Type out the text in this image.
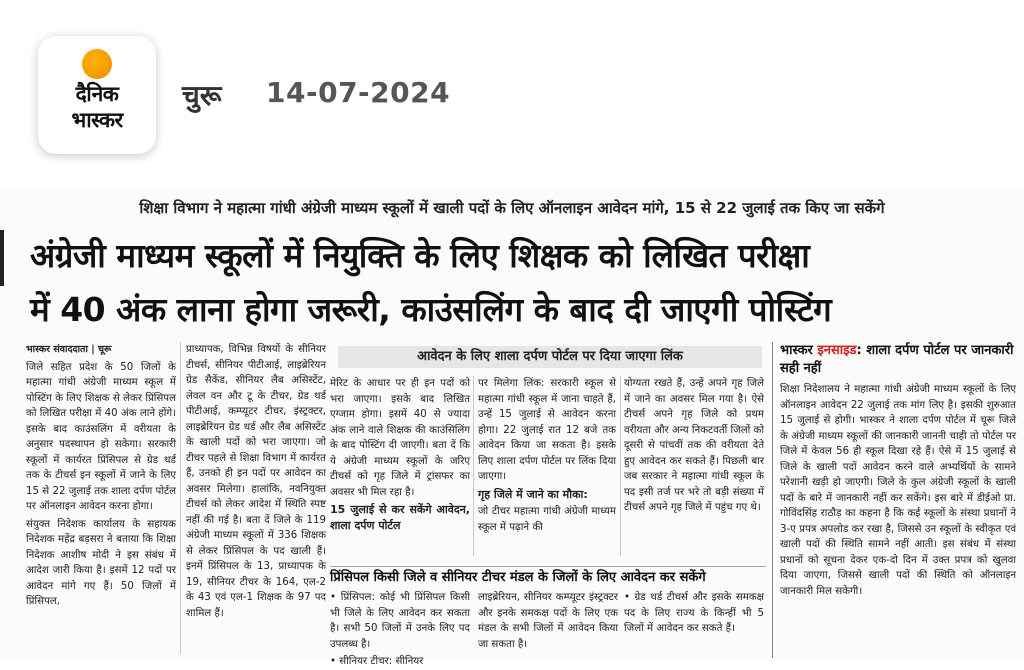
दैनिक
भास्कर
चुरू 14-07-2024
शिक्षा विभाग ने महात्मा गांधी अंग्रेजी माध्यम स्कूलों में खाली पदों के लिए ऑनलाइन आवेदन मांगे, 15 से 22 जुलाई तक किए जा सकेंगे
अंग्रेजी माध्यम स्कूलों में नियुक्ति के लिए शिक्षक को लिखित परीक्षा
में 40 अंक लाना होगा जरूरी, काउंसलिंग के बाद दी जाएगी पोस्टिंग

भास्कर संवाददाता | चूरू

जिले सहित प्रदेश के 50 जिलों के महात्मा गांधी अंग्रेजी माध्यम स्कूल में पोस्टिंग के लिए शिक्षक से लेकर प्रिंसिपल को लिखित परीक्षा में 40 अंक लाने होंगे। इसके बाद काउंसलिंग में वरीयता के अनुसार पदस्थापन हो सकेगा। सरकारी स्कूलों में कार्यरत प्रिंसिपल से ग्रेड थर्ड तक के टीचर्स इन स्कूलों में जाने के लिए 15 से 22 जुलाई तक शाला दर्पण पोर्टल पर ऑनलाइन आवेदन करना होगा।

संयुक्त निदेशक कार्यालय के सहायक निदेशक महेंद्र बड़सरा ने बताया कि शिक्षा निदेशक आशीष मोदी ने इस संबंध में आदेश जारी किया है। इसमें 12 पदों पर आवेदन मांगे गए हैं। 50 जिलों में प्रिंसिपल,

प्राध्यापक, विभिन्न विषयों के सीनियर टीचर्स, सीनियर पीटीआई, लाइब्रेरियन ग्रेड सैकेंड, सीनियर लैब असिस्टेंट, लेवल वन और टू के टीचर, ग्रेड थर्ड पीटीआई, कम्प्यूटर टीचर, इंस्ट्रक्टर, लाइब्रेरियन ग्रेड थर्ड और लैब असिस्टेंट के खाली पदों को भरा जाएगा। जो टीचर पहले से शिक्षा विभाग में कार्यरत हैं, उनको ही इन पदों पर आवेदन का अवसर मिलेगा। हालांकि, नवनियुक्त टीचर्स को लेकर आदेश में स्थिति स्पष्ट नहीं की गई है। बता दें जिले के 119 अंग्रेजी माध्यम स्कूलों में 336 शिक्षक से लेकर प्रिंसिपल के पद खाली हैं। इनमें प्रिंसिपल के 13, प्राध्यापक के 19, सीनियर टीचर के 164, एल-2 के 43 एवं एल-1 शिक्षक के 97 पद शामिल हैं।

आवेदन के लिए शाला दर्पण पोर्टल पर दिया जाएगा लिंक

मेरिट के आधार पर ही इन पदों को भरा जाएगा। इसके बाद लिखित एग्जाम होगा। इसमें 40 से ज्यादा अंक लाने वाले शिक्षक की काउंसिलिंग के बाद पोस्टिंग दी जाएगी। बता दें कि ये अंग्रेजी माध्यम स्कूलों के जरिए टीचर्स को गृह जिले में ट्रांसफर का अवसर भी मिल रहा है।

15 जुलाई से कर सकेंगे आवेदन, शाला दर्पण पोर्टल

पर मिलेगा लिंक: सरकारी स्कूल से महात्मा गांधी स्कूल में जाना चाहते हैं, उन्हें 15 जुलाई से आवेदन करना होगा। 22 जुलाई रात 12 बजे तक आवेदन किया जा सकता है। इसके लिए शाला दर्पण पोर्टल पर लिंक दिया जाएगा।

गृह जिले में जाने का मौका:

जो टीचर महात्मा गांधी अंग्रेजी माध्यम स्कूल में पढ़ाने की

योग्यता रखते हैं, उन्हें अपने गृह जिले में जाने का अवसर मिल गया है। ऐसे टीचर्स अपने गृह जिले को प्रथम वरीयता और अन्य निकटवर्ती जिलों को दूसरी से पांचवीं तक की वरीयता देते हुए आवेदन कर सकते हैं। पिछली बार जब सरकार ने महात्मा गांधी स्कूल के पद इसी तर्ज पर भरे तो बड़ी संख्या में टीचर्स अपने गृह जिले में पहुंच गए थे।

प्रिंसिपल किसी जिले व सीनियर टीचर मंडल के जिलों के लिए आवेदन कर सकेंगे

• प्रिंसिपल: कोई भी प्रिंसिपल किसी भी जिले के लिए आवेदन कर सकता है। सभी 50 जिलों में उनके लिए पद उपलब्ध है।

• सीनियर टीचर: सीनियर

लाइब्रेरियन, सीनियर कम्प्यूटर इंस्ट्रक्टर और इनके समकक्ष पदों के लिए एक मंडल के सभी जिलों में आवेदन किया जा सकता है।

• ग्रेड थर्ड टीचर्स और इसके समकक्ष पद के लिए राज्य के किन्हीं भी 5 जिलों में आवेदन कर सकते हैं।

भास्कर इनसाइड: शाला दर्पण पोर्टल पर जानकारी सही नहीं

शिक्षा निदेशालय ने महात्मा गांधी अंग्रेजी माध्यम स्कूलों के लिए ऑनलाइन आवेदन 22 जुलाई तक मांग लिए है। इसकी शुरुआत 15 जुलाई से होगी। भास्कर ने शाला दर्पण पोर्टल में चूरू जिले के अंग्रेजी माध्यम स्कूलों की जानकारी जाननी चाही तो पोर्टल पर जिले में केवल 56 ही स्कूल दिखा रहे हैं। ऐसे में 15 जुलाई से जिले के खाली पदों आवेदन करने वाले अभ्यर्थियों के सामने परेशानी खड़ी हो जाएगी। जिले के कुल अंग्रेजी स्कूलों के खाली पदों के बारे में जानकारी नहीं कर सकेंगे। इस बारे में डीईओ प्रा. गोविंदसिंह राठौड़ का कहना है कि कई स्कूलों के संस्था प्रधानों ने 3-ए प्रपत्र अपलोड कर रखा है, जिससे उन स्कूलों के स्वीकृत एवं खाली पदों की स्थिति सामने नहीं आती। इस संबंध में संस्था प्रधानों को सूचना देकर एक-दो दिन में उक्त प्रपत्र को खुलवा दिया जाएगा, जिससे खाली पदों की स्थिति को ऑनलाइन जानकारी मिल सकेगी।
